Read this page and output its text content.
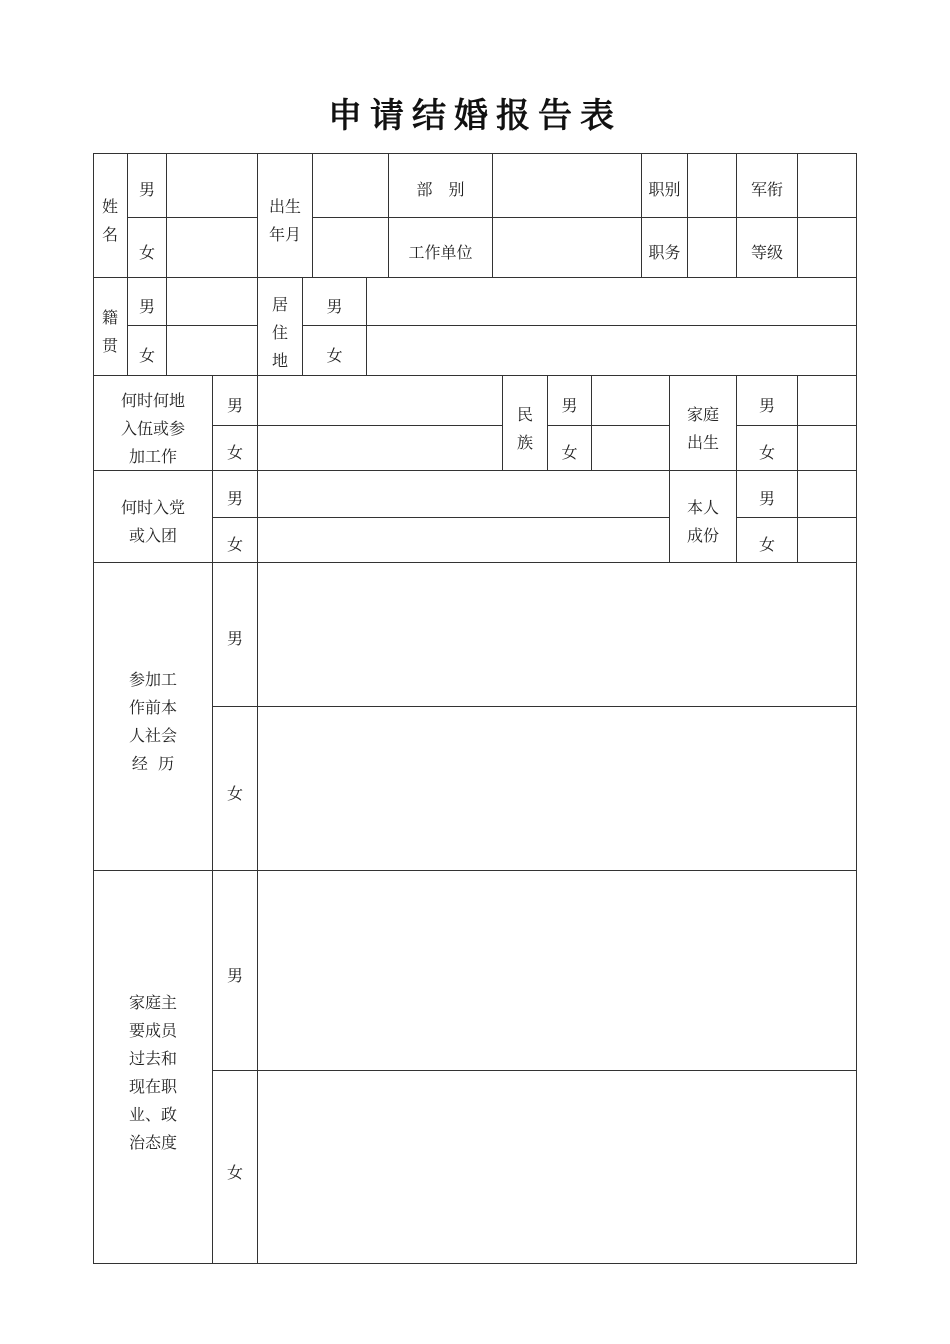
申请结婚报告表
姓名
男
女
出生
年月
部　别
工作单位
职别
职务
军衔
等级
籍贯
男
女
居住地
男
女
何时何地
入伍或参
加工作
男
女
民族
男
女
家庭
出生
男
女
何时入党
或入团
男
女
本人
成份
男
女
参加工
作前本
人社会
经  历
男
女
家庭主
要成员
过去和
现在职
业、政
治态度
男
女
